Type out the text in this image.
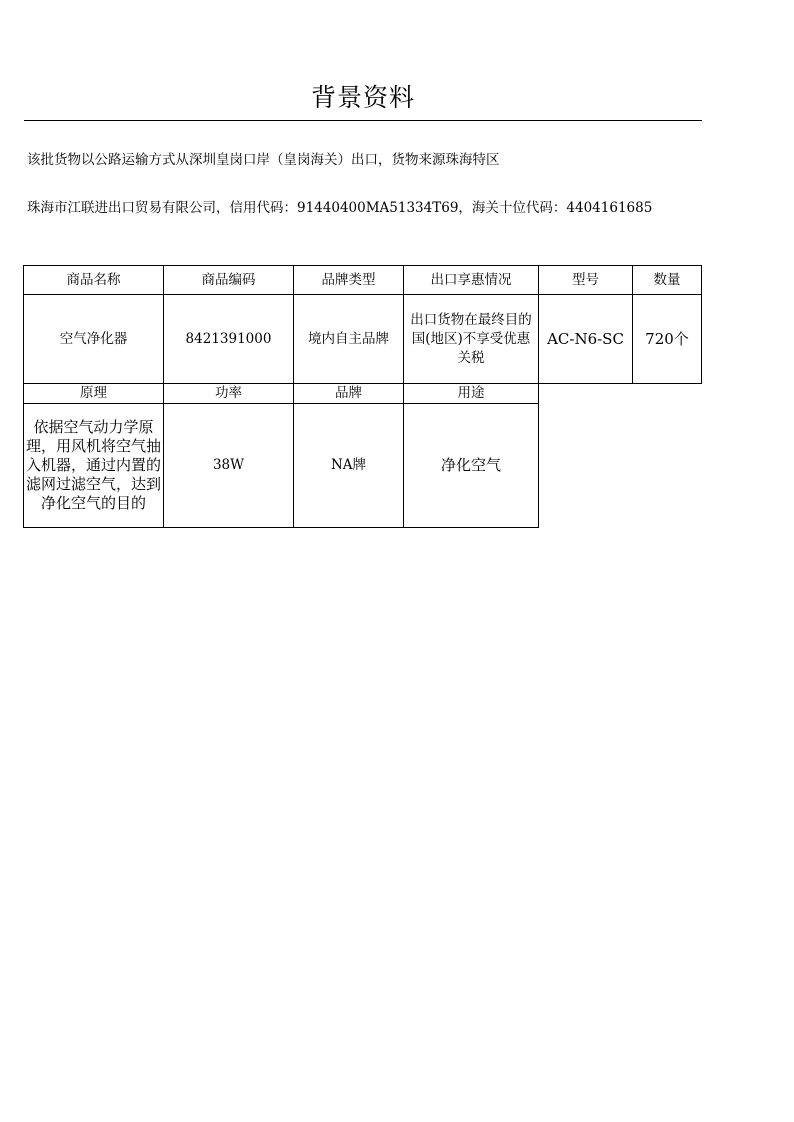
背景资料
该批货物以公路运输方式从深圳皇岗口岸（皇岗海关）出口，货物来源珠海特区
珠海市江联进出口贸易有限公司，信用代码：91440400MA51334T69，海关十位代码：4404161685
商品名称	商品编码	品牌类型	出口享惠情况	型号	数量
空气净化器	8421391000	境内自主品牌	出口货物在最终目的国(地区)不享受优惠关税	AC-N6-SC	720个
原理	功率	品牌	用途		
依据空气动力学原理，用风机将空气抽入机器，通过内置的滤网过滤空气，达到净化空气的目的	38W	NA牌	净化空气		
